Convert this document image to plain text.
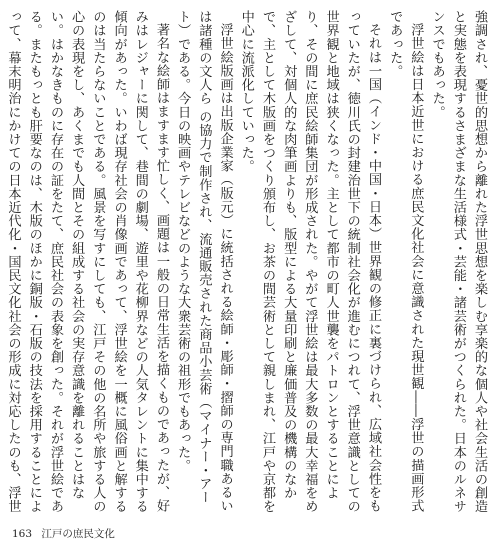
強調され、憂世的思想から離れた浮世思想を楽しむ享楽的な個人や社会生活の創造と実態を表現するさまざまな生活様式・芸能・諸芸術がつくられた。日本のルネサンスでもあった。

浮世絵は日本近世における庶民文化社会に意識された現世観――浮世の描画形式であった。

それは一国（インド・中国・日本）世界観の修正に裏づけられ、広域社会性をもっていたが、徳川氏の封建治世下の統制社会化が進むにつれて、浮世意識としての世界観と地域は狭くなった。主として都市の町人世襲をパトロンとすることにより、その間に庶民絵師集団が形成された。やがて浮世絵は最大多数の最大幸福をめざして、対個人的な肉筆画よりも、版型による大量印刷と廉価普及の機構のなかで、主として木版画をつくり頒布し、お茶の間芸術として親しまれ、江戸や京都を中心に流派化していった。

浮世絵版画は出版企業家（版元）に統括される絵師・彫師・摺師の専門職あるいは諸種の文人ら の協力で制作され、流通販売された商品小芸術（マイナー・アート）である。今日の映画やテレビなどのような大衆芸術の祖形でもあった。

著名な絵師はますます忙しく、画題は一般の日常生活を描くものであったが、好みはレジャーに関して、巷間の劇場、遊里や花柳界などの人気タレントに集中する傾向があった。いわば現存社会の肖像画であって、浮世絵を一概に風俗画と解するのは当たらないことである。風景を写すにしても、江戸その他の名所や旅する人の心の表現をし、あくまでも人間とその組成する社会の実存意識を離れることはない。はかなきものに存在の証をたて、庶民社会の表象を創った。それが浮世絵である。またもっとも肝要なのは、木版のほかに銅版・石版の技法を採用することによって、幕末明治にかけての日本近代化・国民文化社会の形成に対応したのも、浮世

163 江戸の庶民文化
